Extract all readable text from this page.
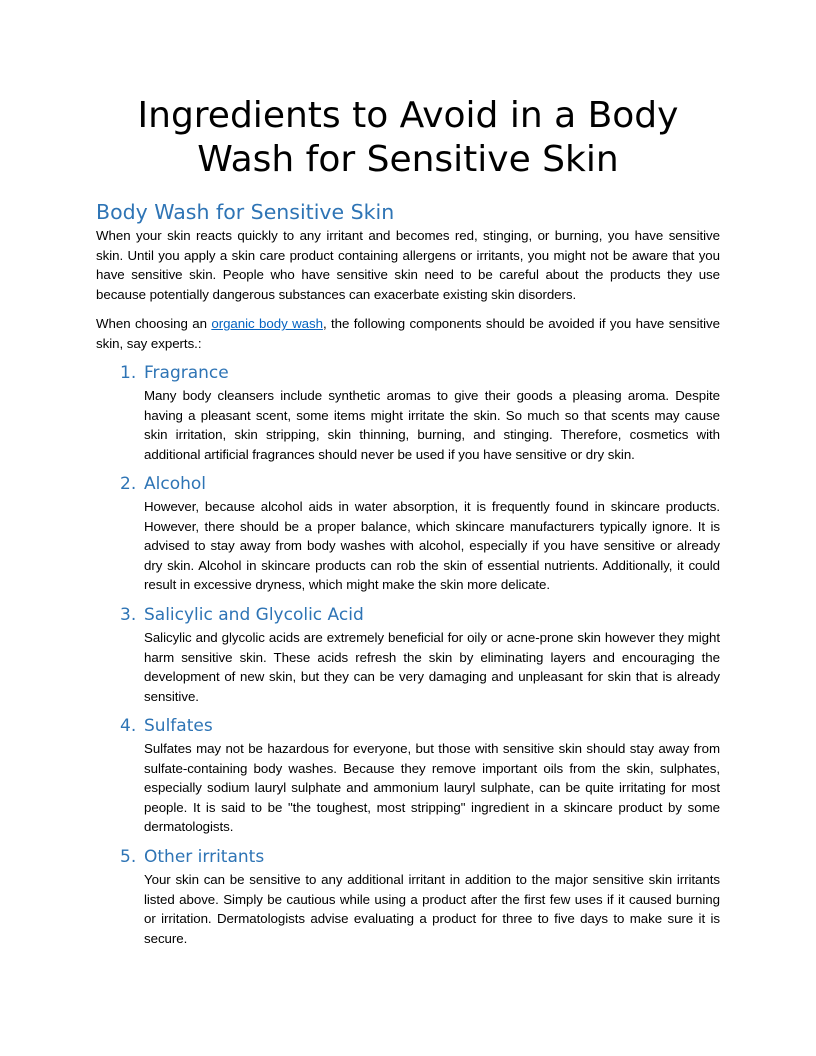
Ingredients to Avoid in a Body Wash for Sensitive Skin
Body Wash for Sensitive Skin

When your skin reacts quickly to any irritant and becomes red, stinging, or burning, you have sensitive skin. Until you apply a skin care product containing allergens or irritants, you might not be aware that you have sensitive skin. People who have sensitive skin need to be careful about the products they use because potentially dangerous substances can exacerbate existing skin disorders.

When choosing an organic body wash, the following components should be avoided if you have sensitive skin, say experts.:

1. Fragrance

Many body cleansers include synthetic aromas to give their goods a pleasing aroma. Despite having a pleasant scent, some items might irritate the skin. So much so that scents may cause skin irritation, skin stripping, skin thinning, burning, and stinging. Therefore, cosmetics with additional artificial fragrances should never be used if you have sensitive or dry skin.

2. Alcohol

However, because alcohol aids in water absorption, it is frequently found in skincare products. However, there should be a proper balance, which skincare manufacturers typically ignore. It is advised to stay away from body washes with alcohol, especially if you have sensitive or already dry skin. Alcohol in skincare products can rob the skin of essential nutrients. Additionally, it could result in excessive dryness, which might make the skin more delicate.

3. Salicylic and Glycolic Acid

Salicylic and glycolic acids are extremely beneficial for oily or acne-prone skin however they might harm sensitive skin. These acids refresh the skin by eliminating layers and encouraging the development of new skin, but they can be very damaging and unpleasant for skin that is already sensitive.

4. Sulfates

Sulfates may not be hazardous for everyone, but those with sensitive skin should stay away from sulfate-containing body washes. Because they remove important oils from the skin, sulphates, especially sodium lauryl sulphate and ammonium lauryl sulphate, can be quite irritating for most people. It is said to be "the toughest, most stripping" ingredient in a skincare product by some dermatologists.

5. Other irritants

Your skin can be sensitive to any additional irritant in addition to the major sensitive skin irritants listed above. Simply be cautious while using a product after the first few uses if it caused burning or irritation. Dermatologists advise evaluating a product for three to five days to make sure it is secure.
